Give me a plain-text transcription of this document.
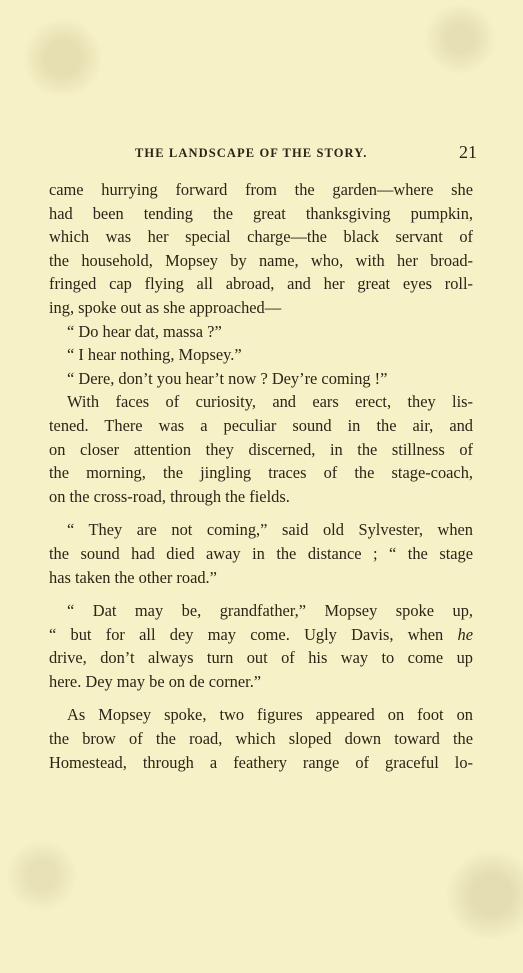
THE LANDSCAPE OF THE STORY.	21
came hurrying forward from the garden—where she
had been tending the great thanksgiving pumpkin,
which was her special charge—the black servant of
the household, Mopsey by name, who, with her broad-
fringed cap flying all abroad, and her great eyes roll-
ing, spoke out as she approached—
“ Do hear dat, massa ?”
“ I hear nothing, Mopsey.”
“ Dere, don’t you hear’t now ? Dey’re coming !”
With faces of curiosity, and ears erect, they lis-
tened. There was a peculiar sound in the air, and
on closer attention they discerned, in the stillness of
the morning, the jingling traces of the stage-coach,
on the cross-road, through the fields.
“ They are not coming,” said old Sylvester, when
the sound had died away in the distance ; “ the stage
has taken the other road.”
“ Dat may be, grandfather,” Mopsey spoke up,
“ but for all dey may come. Ugly Davis, when he
drive, don’t always turn out of his way to come up
here. Dey may be on de corner.”
As Mopsey spoke, two figures appeared on foot on
the brow of the road, which sloped down toward the
Homestead, through a feathery range of graceful lo-
